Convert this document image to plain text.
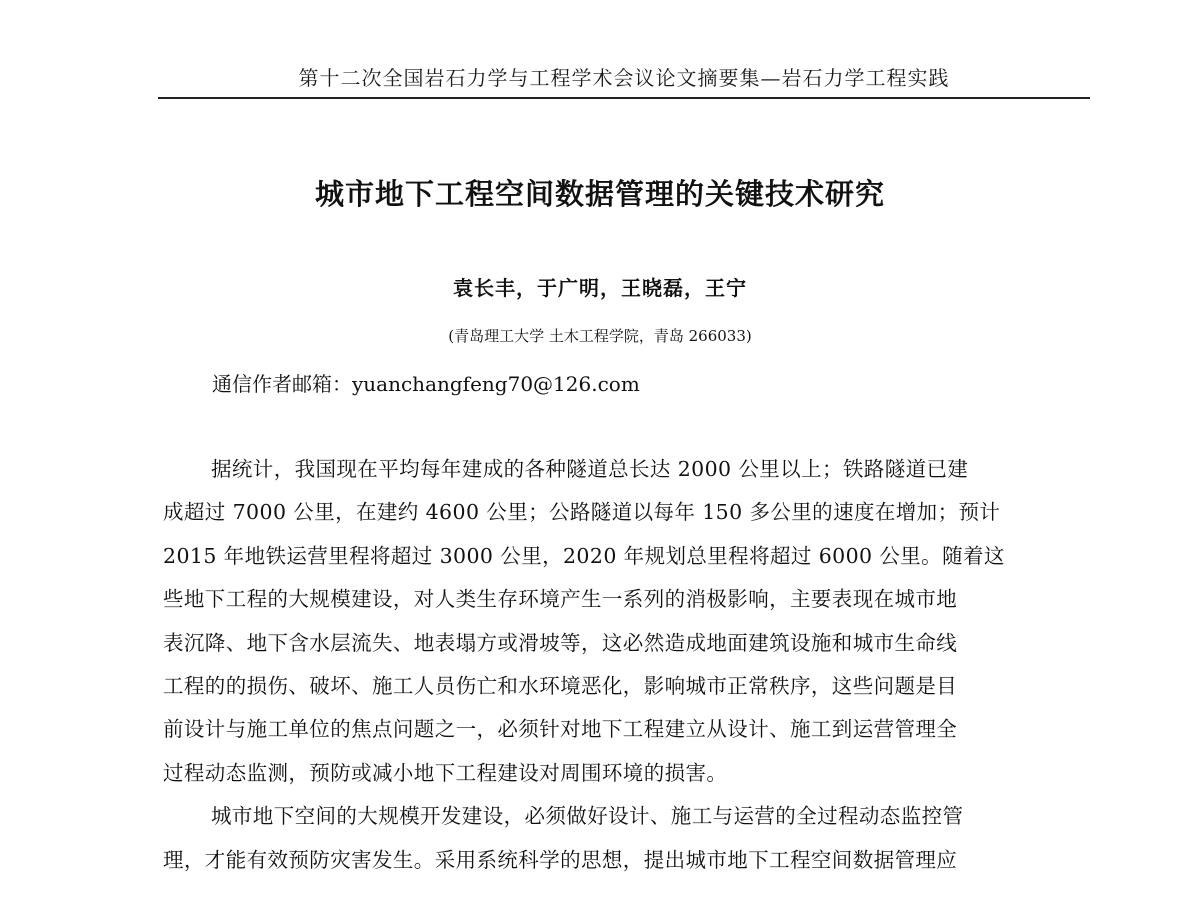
第十二次全国岩石力学与工程学术会议论文摘要集—岩石力学工程实践
城市地下工程空间数据管理的关键技术研究
袁长丰，于广明，王晓磊，王宁
(青岛理工大学 土木工程学院，青岛 266033)
通信作者邮箱：yuanchangfeng70@126.com
据统计，我国现在平均每年建成的各种隧道总长达 2000 公里以上；铁路隧道已建
成超过 7000 公里，在建约 4600 公里；公路隧道以每年 150 多公里的速度在增加；预计
2015 年地铁运营里程将超过 3000 公里，2020 年规划总里程将超过 6000 公里。随着这
些地下工程的大规模建设，对人类生存环境产生一系列的消极影响，主要表现在城市地
表沉降、地下含水层流失、地表塌方或滑坡等，这必然造成地面建筑设施和城市生命线
工程的的损伤、破坏、施工人员伤亡和水环境恶化，影响城市正常秩序，这些问题是目
前设计与施工单位的焦点问题之一，必须针对地下工程建立从设计、施工到运营管理全
过程动态监测，预防或减小地下工程建设对周围环境的损害。
城市地下空间的大规模开发建设，必须做好设计、施工与运营的全过程动态监控管
理，才能有效预防灾害发生。采用系统科学的思想，提出城市地下工程空间数据管理应
